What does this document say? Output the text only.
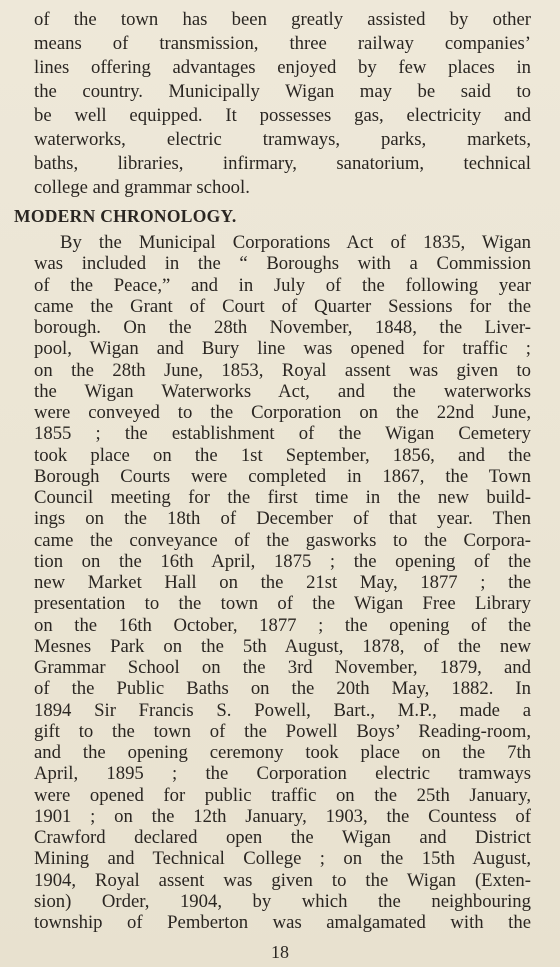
of the town has been greatly assisted by other
means of transmission, three railway companies’
lines offering advantages enjoyed by few places in
the country. Municipally Wigan may be said to
be well equipped. It possesses gas, electricity and
waterworks, electric tramways, parks, markets,
baths, libraries, infirmary, sanatorium, technical
college and grammar school.
MODERN CHRONOLOGY.
By the Municipal Corporations Act of 1835, Wigan
was included in the “ Boroughs with a Commission
of the Peace,” and in July of the following year
came the Grant of Court of Quarter Sessions for the
borough. On the 28th November, 1848, the Liver-
pool, Wigan and Bury line was opened for traffic ;
on the 28th June, 1853, Royal assent was given to
the Wigan Waterworks Act, and the waterworks
were conveyed to the Corporation on the 22nd June,
1855 ; the establishment of the Wigan Cemetery
took place on the 1st September, 1856, and the
Borough Courts were completed in 1867, the Town
Council meeting for the first time in the new build-
ings on the 18th of December of that year. Then
came the conveyance of the gasworks to the Corpora-
tion on the 16th April, 1875 ; the opening of the
new Market Hall on the 21st May, 1877 ; the
presentation to the town of the Wigan Free Library
on the 16th October, 1877 ; the opening of the
Mesnes Park on the 5th August, 1878, of the new
Grammar School on the 3rd November, 1879, and
of the Public Baths on the 20th May, 1882. In
1894 Sir Francis S. Powell, Bart., M.P., made a
gift to the town of the Powell Boys’ Reading-room,
and the opening ceremony took place on the 7th
April, 1895 ; the Corporation electric tramways
were opened for public traffic on the 25th January,
1901 ; on the 12th January, 1903, the Countess of
Crawford declared open the Wigan and District
Mining and Technical College ; on the 15th August,
1904, Royal assent was given to the Wigan (Exten-
sion) Order, 1904, by which the neighbouring
township of Pemberton was amalgamated with the
18
